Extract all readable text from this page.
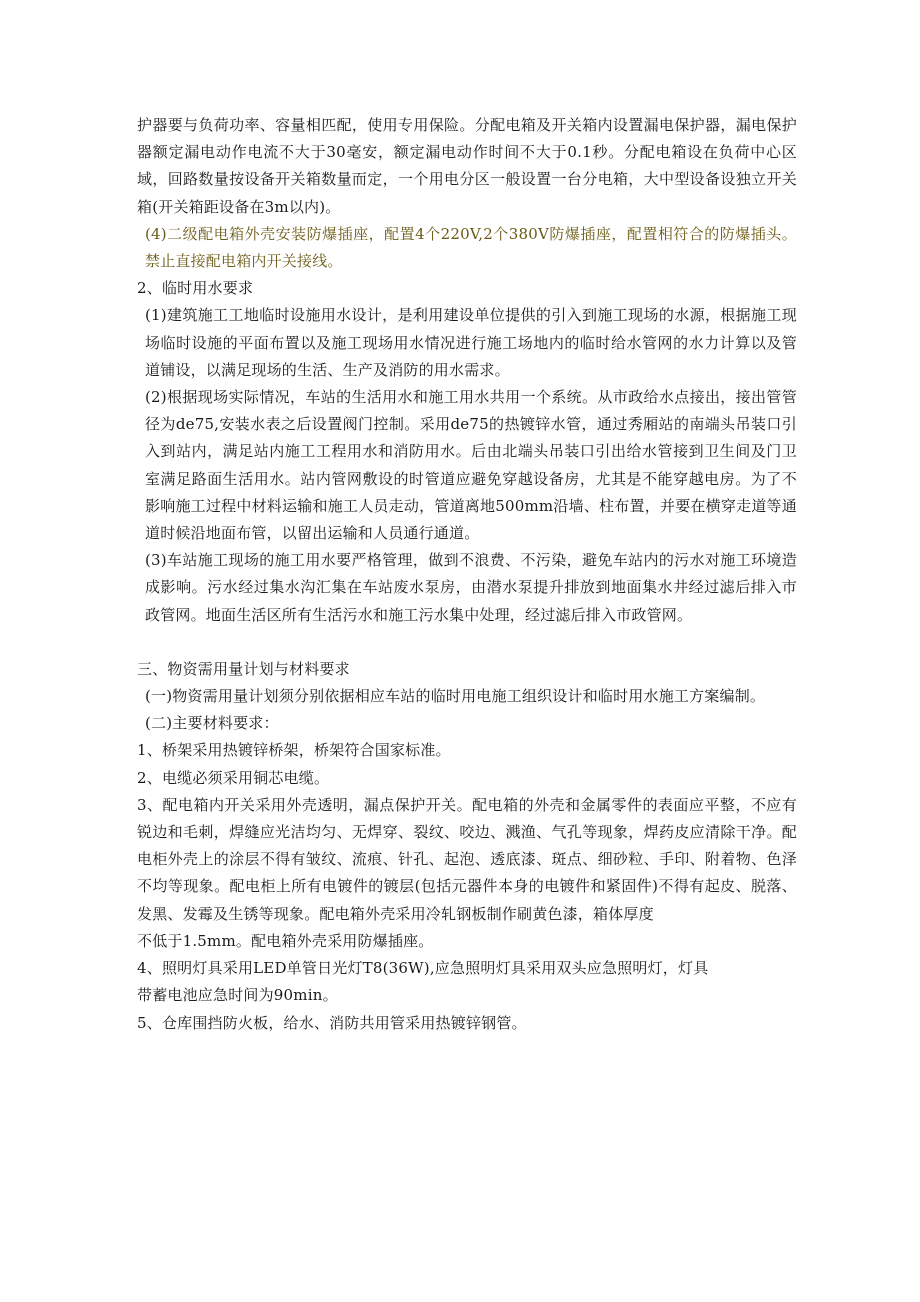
护器要与负荷功率、容量相匹配，使用专用保险。分配电箱及开关箱内设置漏电保护器，漏电保护器额定漏电动作电流不大于30毫安，额定漏电动作时间不大于0.1秒。分配电箱设在负荷中心区域，回路数量按设备开关箱数量而定，一个用电分区一般设置一台分电箱，大中型设备设独立开关箱(开关箱距设备在3m以内)。

(4)二级配电箱外壳安装防爆插座，配置4个220V,2个380V防爆插座，配置相符合的防爆插头。禁止直接配电箱内开关接线。

2、临时用水要求

(1)建筑施工工地临时设施用水设计，是利用建设单位提供的引入到施工现场的水源，根据施工现场临时设施的平面布置以及施工现场用水情况进行施工场地内的临时给水管网的水力计算以及管道铺设，以满足现场的生活、生产及消防的用水需求。

(2)根据现场实际情况，车站的生活用水和施工用水共用一个系统。从市政给水点接出，接出管管径为de75,安装水表之后设置阀门控制。采用de75的热镀锌水管，通过秀厢站的南端头吊装口引入到站内，满足站内施工工程用水和消防用水。后由北端头吊装口引出给水管接到卫生间及门卫室满足路面生活用水。站内管网敷设的时管道应避免穿越设备房，尤其是不能穿越电房。为了不影响施工过程中材料运输和施工人员走动，管道离地500mm沿墙、柱布置，并要在横穿走道等通道时候沿地面布管，以留出运输和人员通行通道。

(3)车站施工现场的施工用水要严格管理，做到不浪费、不污染，避免车站内的污水对施工环境造成影响。污水经过集水沟汇集在车站废水泵房，由潜水泵提升排放到地面集水井经过滤后排入市政管网。地面生活区所有生活污水和施工污水集中处理，经过滤后排入市政管网。

三、物资需用量计划与材料要求

(一)物资需用量计划须分别依据相应车站的临时用电施工组织设计和临时用水施工方案编制。

(二)主要材料要求：

1、桥架采用热镀锌桥架，桥架符合国家标准。

2、电缆必须采用铜芯电缆。

3、配电箱内开关采用外壳透明，漏点保护开关。配电箱的外壳和金属零件的表面应平整，不应有锐边和毛刺，焊缝应光洁均匀、无焊穿、裂纹、咬边、溅渔、气孔等现象，焊药皮应清除干净。配电柜外壳上的涂层不得有皱纹、流痕、针孔、起泡、透底漆、斑点、细砂粒、手印、附着物、色泽不均等现象。配电柜上所有电镀件的镀层(包括元器件本身的电镀件和紧固件)不得有起皮、脱落、发黑、发霉及生锈等现象。配电箱外壳采用冷轧钢板制作刷黄色漆，箱体厚度

不低于1.5mm。配电箱外壳采用防爆插座。

4、照明灯具采用LED单管日光灯T8(36W),应急照明灯具采用双头应急照明灯，灯具

带蓄电池应急时间为90min。

5、仓库围挡防火板，给水、消防共用管采用热镀锌钢管。
